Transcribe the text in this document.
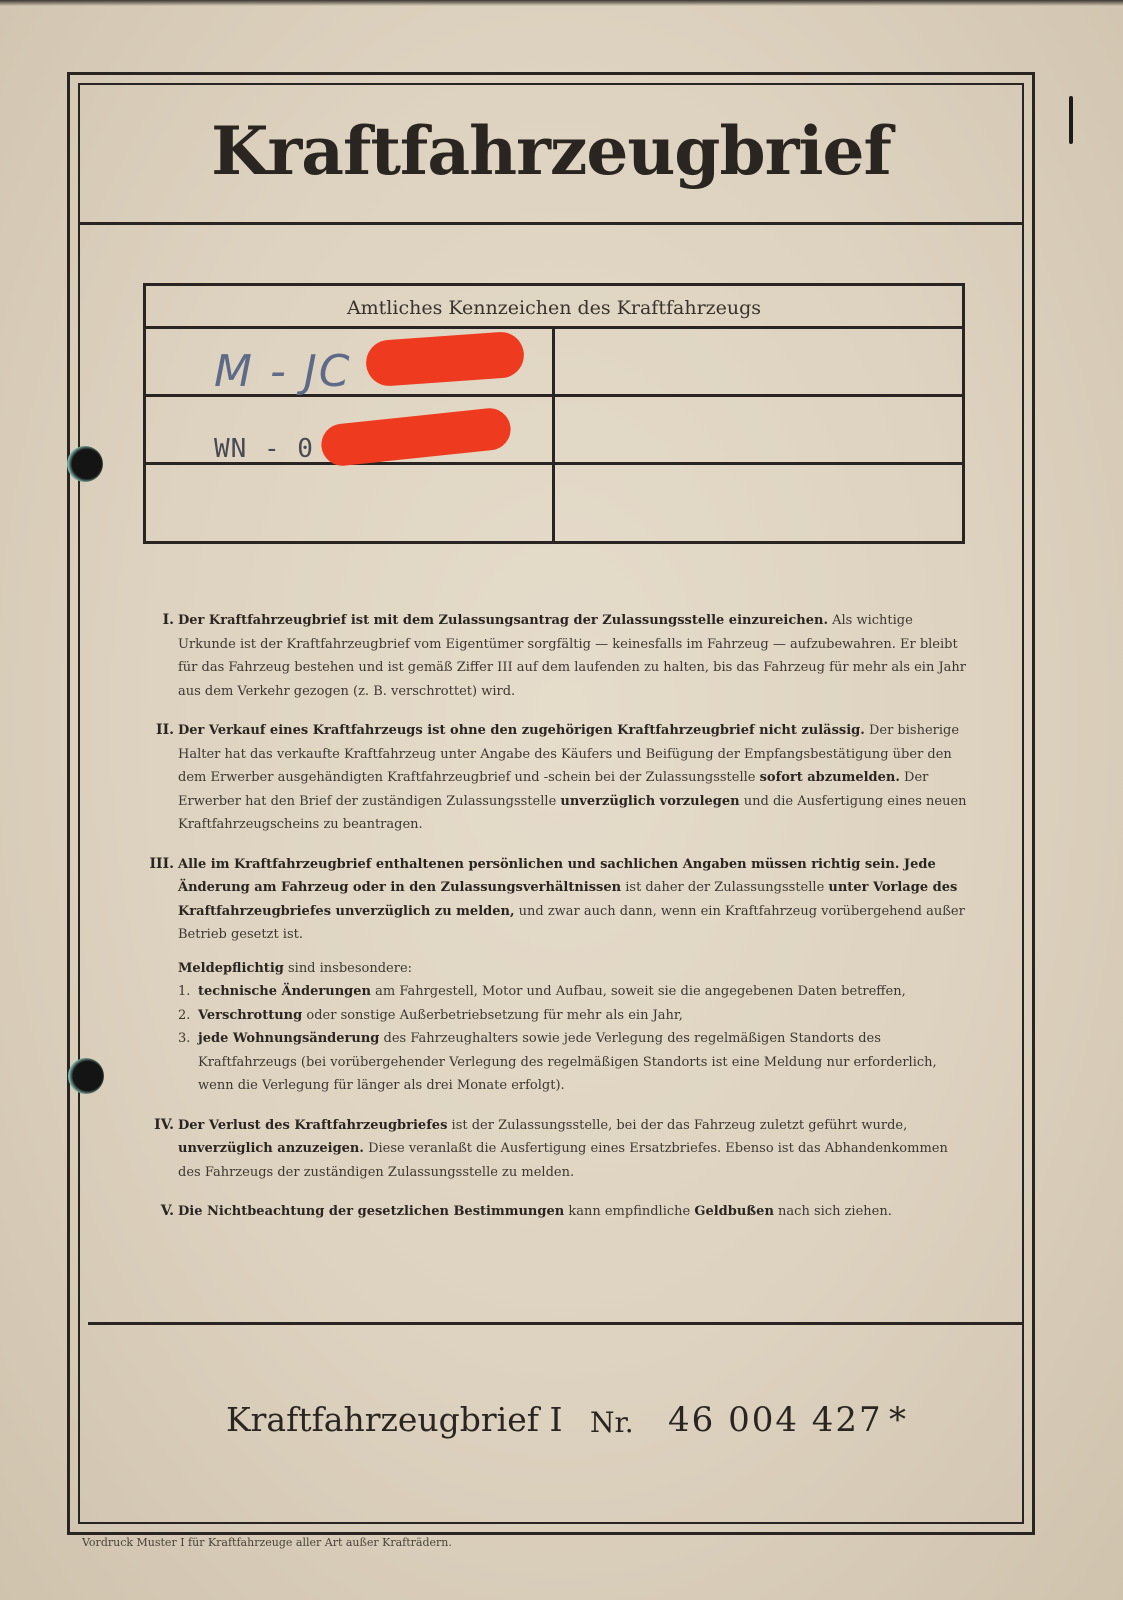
Kraftfahrzeugbrief
Amtliches Kennzeichen des Kraftfahrzeugs
M - JC
WN - 0
I. Der Kraftfahrzeugbrief ist mit dem Zulassungsantrag der Zulassungsstelle einzureichen. Als wichtige Urkunde ist der Kraftfahrzeugbrief vom Eigentümer sorgfältig — keinesfalls im Fahrzeug — aufzubewahren. Er bleibt für das Fahrzeug bestehen und ist gemäß Ziffer III auf dem laufenden zu halten, bis das Fahrzeug für mehr als ein Jahr aus dem Verkehr gezogen (z. B. verschrottet) wird.
II. Der Verkauf eines Kraftfahrzeugs ist ohne den zugehörigen Kraftfahrzeugbrief nicht zulässig. Der bisherige Halter hat das verkaufte Kraftfahrzeug unter Angabe des Käufers und Beifügung der Empfangsbestätigung über den dem Erwerber ausgehändigten Kraftfahrzeugbrief und -schein bei der Zulassungsstelle sofort abzumelden. Der Erwerber hat den Brief der zuständigen Zulassungsstelle unverzüglich vorzulegen und die Ausfertigung eines neuen Kraftfahrzeugscheins zu beantragen.
III. Alle im Kraftfahrzeugbrief enthaltenen persönlichen und sachlichen Angaben müssen richtig sein. Jede Änderung am Fahrzeug oder in den Zulassungsverhältnissen ist daher der Zulassungsstelle unter Vorlage des Kraftfahrzeugbriefes unverzüglich zu melden, und zwar auch dann, wenn ein Kraftfahrzeug vorübergehend außer Betrieb gesetzt ist.
Meldepflichtig sind insbesondere:
1. technische Änderungen am Fahrgestell, Motor und Aufbau, soweit sie die angegebenen Daten betreffen,
2. Verschrottung oder sonstige Außerbetriebsetzung für mehr als ein Jahr,
3. jede Wohnungsänderung des Fahrzeughalters sowie jede Verlegung des regelmäßigen Standorts des Kraftfahrzeugs (bei vorübergehender Verlegung des regelmäßigen Standorts ist eine Meldung nur erforderlich, wenn die Verlegung für länger als drei Monate erfolgt).
IV. Der Verlust des Kraftfahrzeugbriefes ist der Zulassungsstelle, bei der das Fahrzeug zuletzt geführt wurde, unverzüglich anzuzeigen. Diese veranlaßt die Ausfertigung eines Ersatzbriefes. Ebenso ist das Abhandenkommen des Fahrzeugs der zuständigen Zulassungsstelle zu melden.
V. Die Nichtbeachtung der gesetzlichen Bestimmungen kann empfindliche Geldbußen nach sich ziehen.
Kraftfahrzeugbrief I Nr. 46 004 427 *
Vordruck Muster I für Kraftfahrzeuge aller Art außer Krafträdern.
